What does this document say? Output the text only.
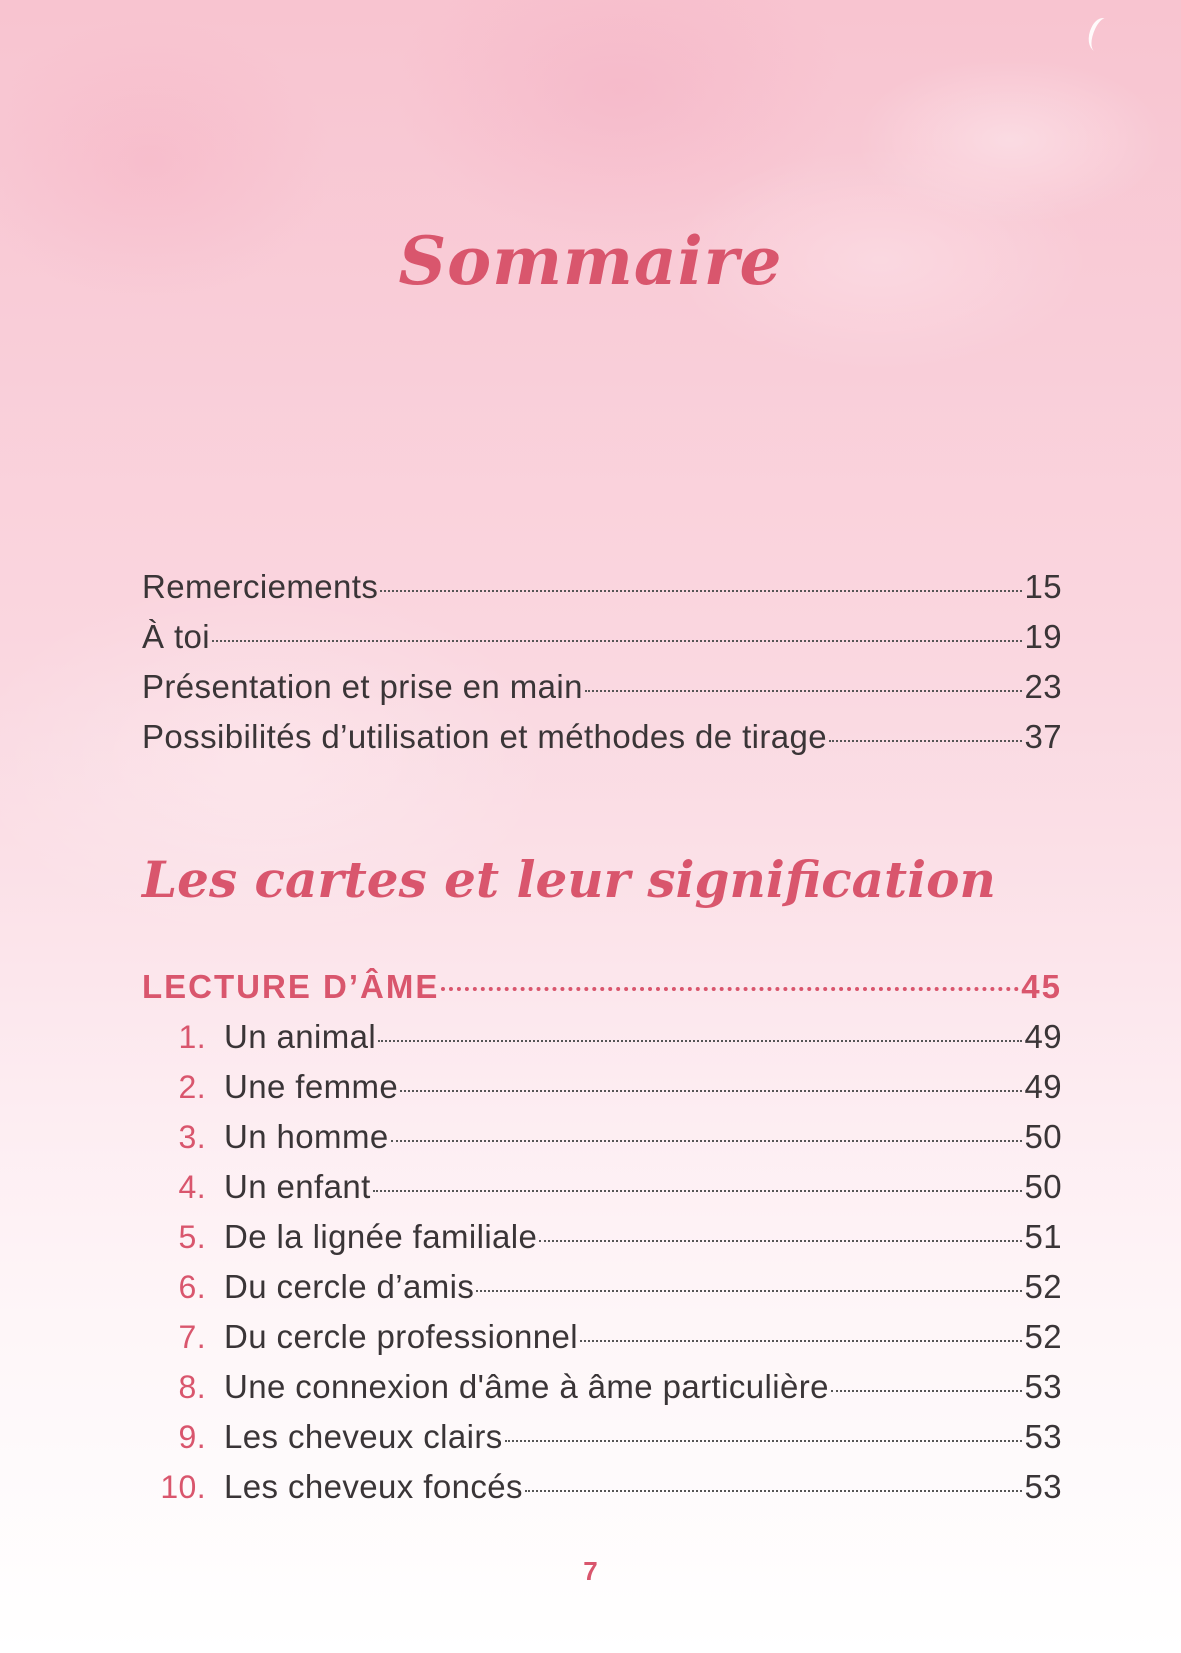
Sommaire
Remerciements	15
À toi	19
Présentation et prise en main	23
Possibilités d’utilisation et méthodes de tirage	37
Les cartes et leur signification
LECTURE D’ÂME	45
1. Un animal	49
2. Une femme	49
3. Un homme	50
4. Un enfant	50
5. De la lignée familiale	51
6. Du cercle d’amis	52
7. Du cercle professionnel	52
8. Une connexion d'âme à âme particulière	53
9. Les cheveux clairs	53
10. Les cheveux foncés	53
7
